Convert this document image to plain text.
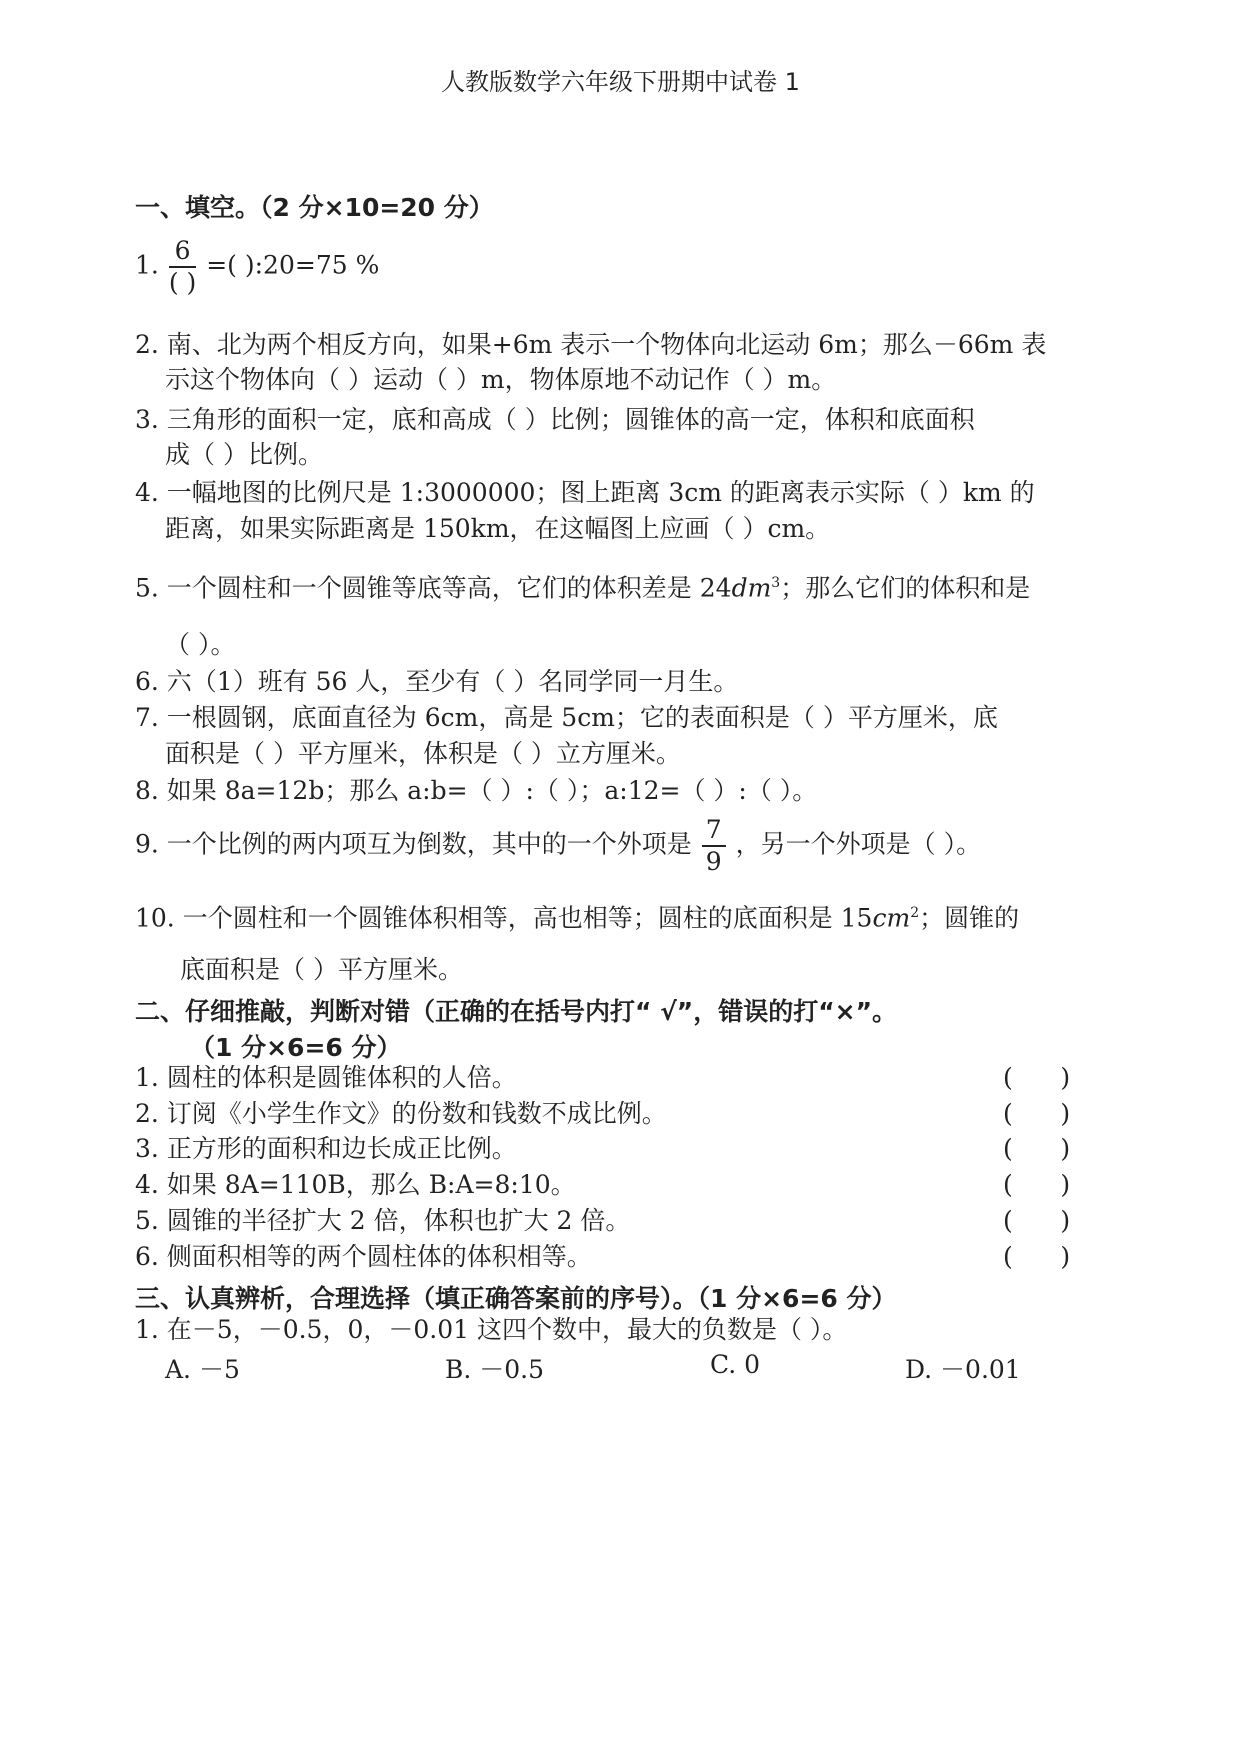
人教版数学六年级下册期中试卷 1
一、填空。（2 分×10=20 分）
1. $\frac{6}{( )}$ =( ):20=75 %
2. 南、北为两个相反方向，如果+6m 表示一个物体向北运动 6m；那么－66m 表
示这个物体向（ ）运动（ ）m，物体原地不动记作（ ）m。
3. 三角形的面积一定，底和高成（ ）比例；圆锥体的高一定，体积和底面积
成（ ）比例。
4. 一幅地图的比例尺是 1:3000000；图上距离 3cm 的距离表示实际（ ）km 的
距离，如果实际距离是 150km，在这幅图上应画（ ）cm。
5. 一个圆柱和一个圆锥等底等高，它们的体积差是 $24dm^3$；那么它们的体积和是
（ ）。
6. 六（1）班有 56 人，至少有（ ）名同学同一月生。
7. 一根圆钢，底面直径为 6cm，高是 5cm；它的表面积是（ ）平方厘米，底
面积是（ ）平方厘米，体积是（ ）立方厘米。
8. 如果 8a=12b；那么 a:b=（ ）:（ ）；a:12=（ ）:（ ）。
9. 一个比例的两内项互为倒数，其中的一个外项是 $\frac{7}{9}$ ，另一个外项是（ ）。
10. 一个圆柱和一个圆锥体积相等，高也相等；圆柱的底面积是 $15cm^2$；圆锥的
底面积是（ ）平方厘米。
二、仔细推敲，判断对错（正确的在括号内打“ √”，错误的打“×”。
（1 分×6=6 分）
1. 圆柱的体积是圆锥体积的人倍。	(      )
2. 订阅《小学生作文》的份数和钱数不成比例。	(      )
3. 正方形的面积和边长成正比例。	(      )
4. 如果 8A=110B，那么 B:A=8:10。	(      )
5. 圆锥的半径扩大 2 倍，体积也扩大 2 倍。	(      )
6. 侧面积相等的两个圆柱体的体积相等。	(      )
三、认真辨析，合理选择（填正确答案前的序号）。（1 分×6=6 分）
1. 在－5，－0.5，0，－0.01 这四个数中，最大的负数是（ ）。
A. －5	B. －0.5	C. 0	D. －0.01
